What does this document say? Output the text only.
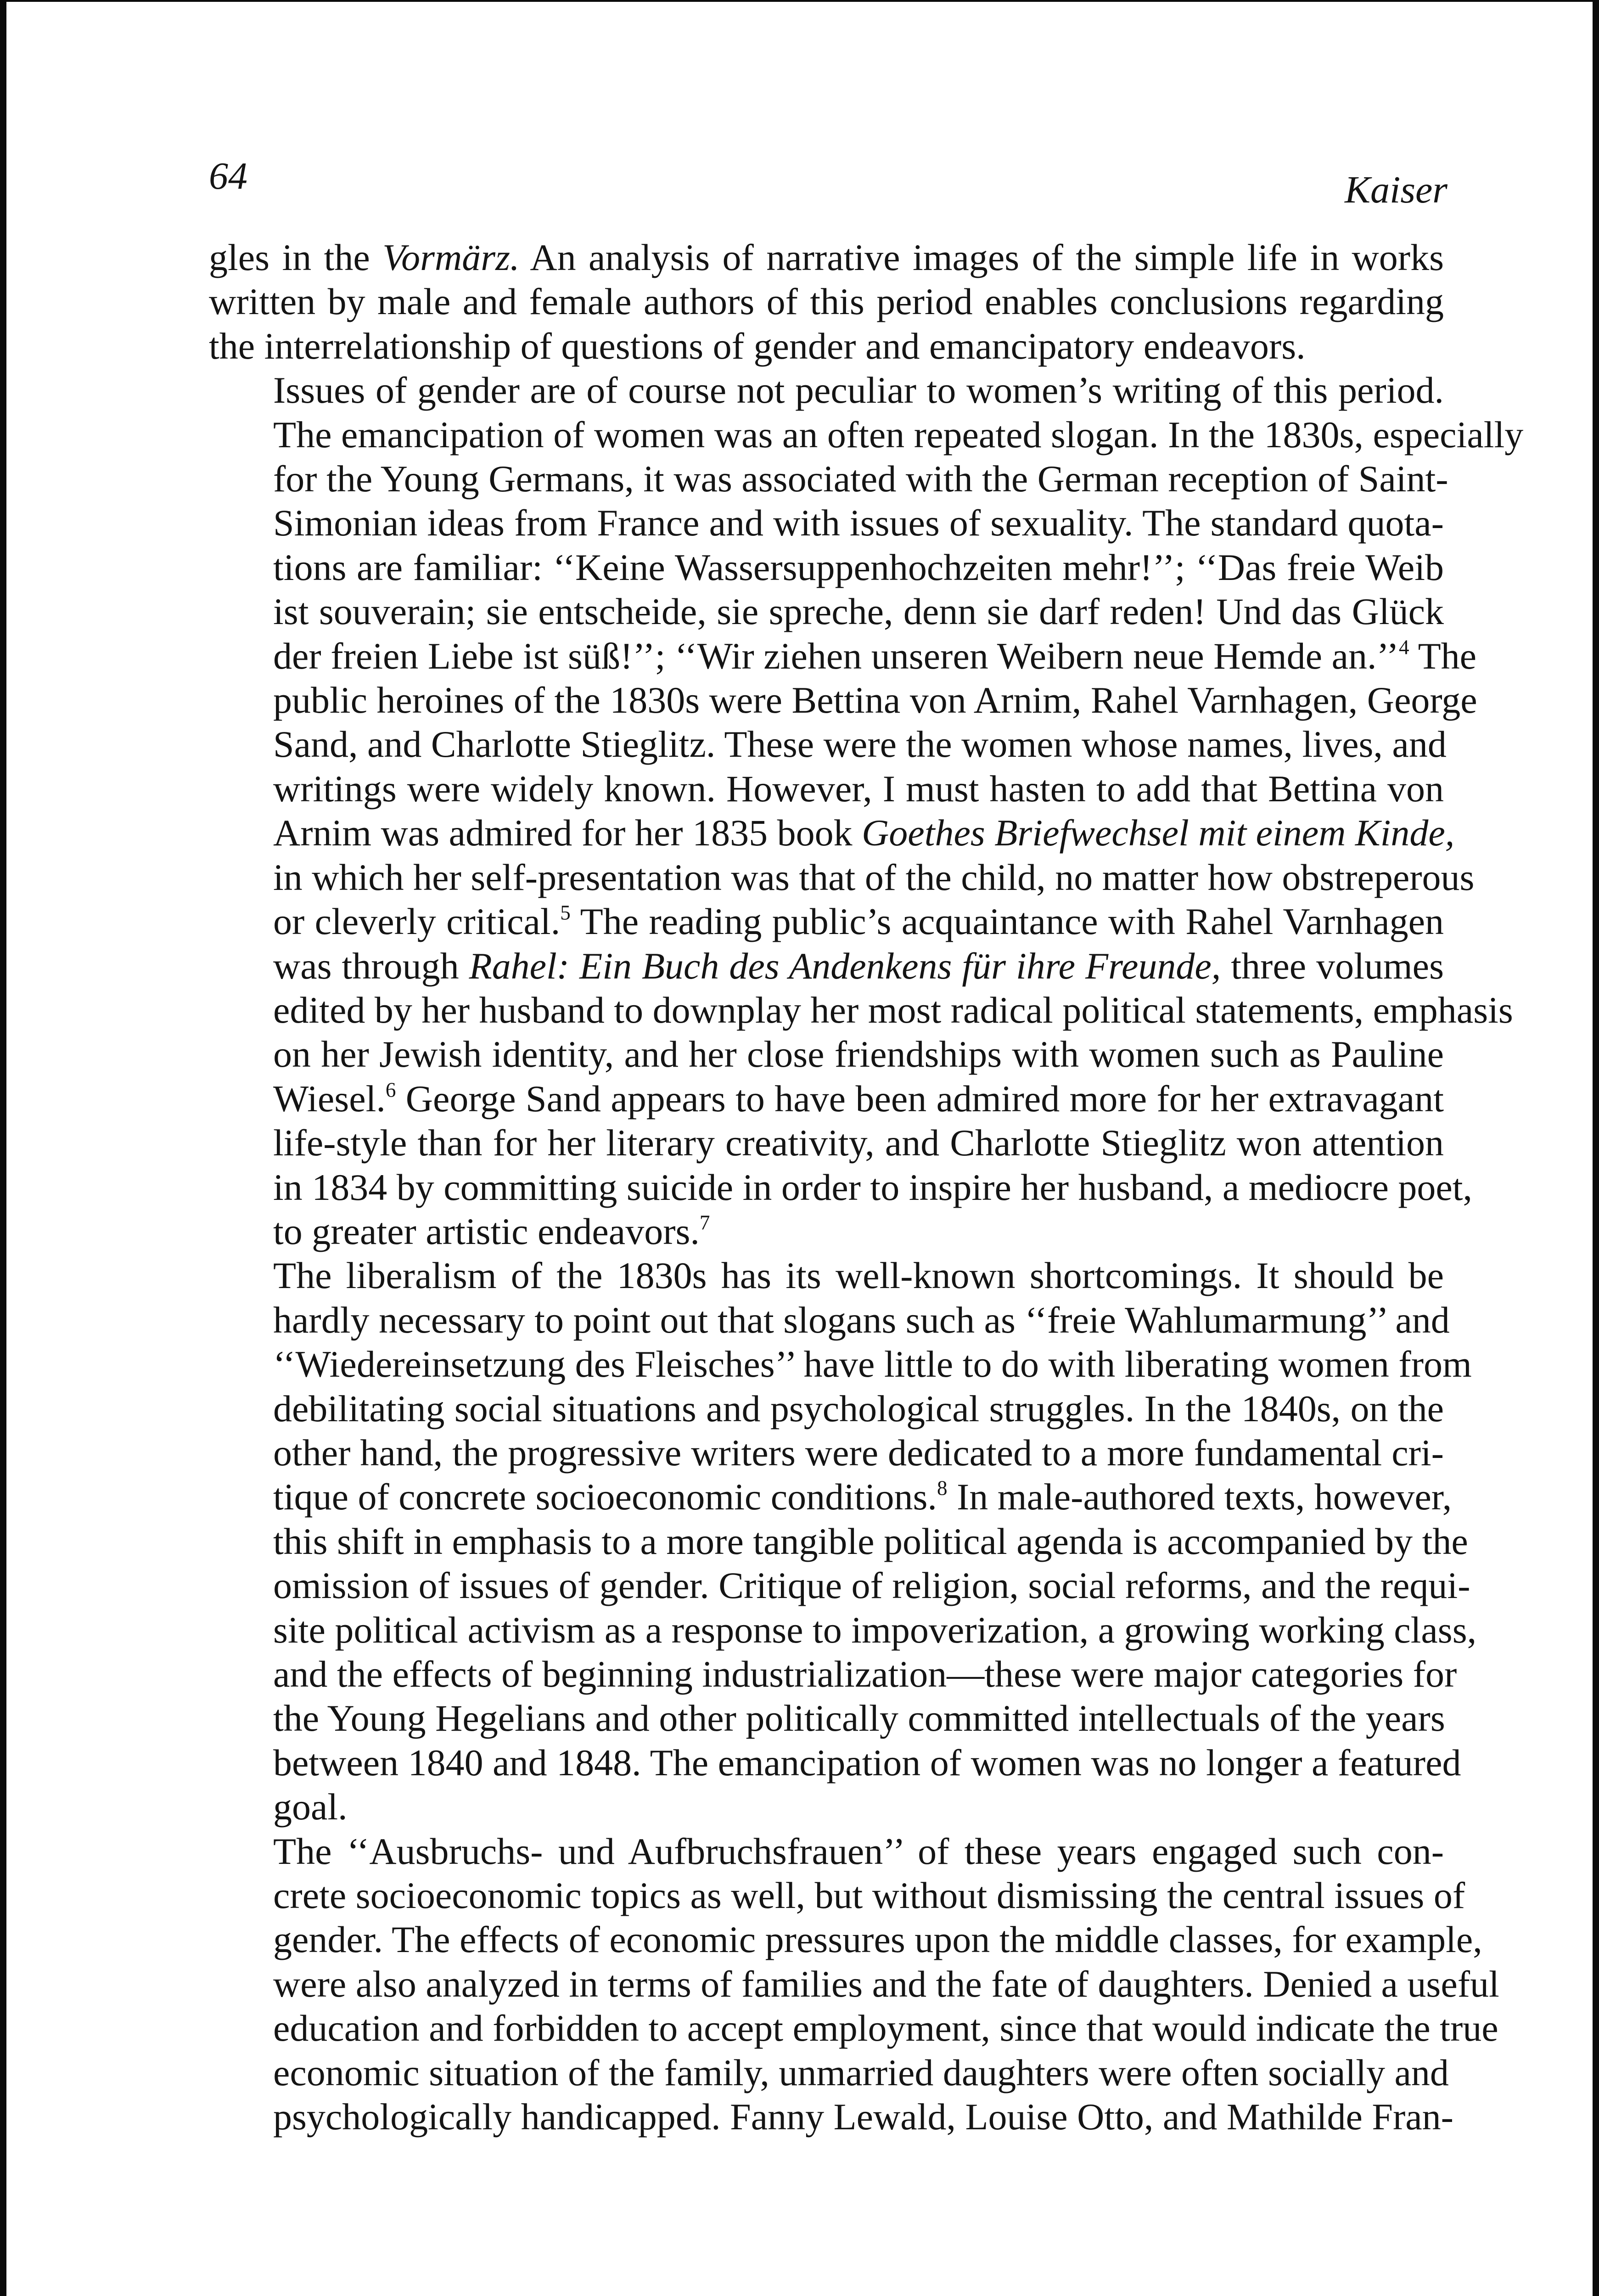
64	Kaiser

gles in the Vormärz. An analysis of narrative images of the simple life in works
written by male and female authors of this period enables conclusions regarding
the interrelationship of questions of gender and emancipatory endeavors.

Issues of gender are of course not peculiar to women’s writing of this period.
The emancipation of women was an often repeated slogan. In the 1830s, especially
for the Young Germans, it was associated with the German reception of Saint-
Simonian ideas from France and with issues of sexuality. The standard quota-
tions are familiar: ‘‘Keine Wassersuppenhochzeiten mehr!’’; ‘‘Das freie Weib
ist souverain; sie entscheide, sie spreche, denn sie darf reden! Und das Glück
der freien Liebe ist süß!’’; ‘‘Wir ziehen unseren Weibern neue Hemde an.’’$^4$ The
public heroines of the 1830s were Bettina von Arnim, Rahel Varnhagen, George
Sand, and Charlotte Stieglitz. These were the women whose names, lives, and
writings were widely known. However, I must hasten to add that Bettina von
Arnim was admired for her 1835 book Goethes Briefwechsel mit einem Kinde,
in which her self-presentation was that of the child, no matter how obstreperous
or cleverly critical.$^5$ The reading public’s acquaintance with Rahel Varnhagen
was through Rahel: Ein Buch des Andenkens für ihre Freunde, three volumes
edited by her husband to downplay her most radical political statements, emphasis
on her Jewish identity, and her close friendships with women such as Pauline
Wiesel.$^6$ George Sand appears to have been admired more for her extravagant
life-style than for her literary creativity, and Charlotte Stieglitz won attention
in 1834 by committing suicide in order to inspire her husband, a mediocre poet,
to greater artistic endeavors.$^7$

The liberalism of the 1830s has its well-known shortcomings. It should be
hardly necessary to point out that slogans such as ‘‘freie Wahlumarmung’’ and
‘‘Wiedereinsetzung des Fleisches’’ have little to do with liberating women from
debilitating social situations and psychological struggles. In the 1840s, on the
other hand, the progressive writers were dedicated to a more fundamental cri-
tique of concrete socioeconomic conditions.$^8$ In male-authored texts, however,
this shift in emphasis to a more tangible political agenda is accompanied by the
omission of issues of gender. Critique of religion, social reforms, and the requi-
site political activism as a response to impoverization, a growing working class,
and the effects of beginning industrialization—these were major categories for
the Young Hegelians and other politically committed intellectuals of the years
between 1840 and 1848. The emancipation of women was no longer a featured
goal.

The ‘‘Ausbruchs- und Aufbruchsfrauen’’ of these years engaged such con-
crete socioeconomic topics as well, but without dismissing the central issues of
gender. The effects of economic pressures upon the middle classes, for example,
were also analyzed in terms of families and the fate of daughters. Denied a useful
education and forbidden to accept employment, since that would indicate the true
economic situation of the family, unmarried daughters were often socially and
psychologically handicapped. Fanny Lewald, Louise Otto, and Mathilde Fran-
